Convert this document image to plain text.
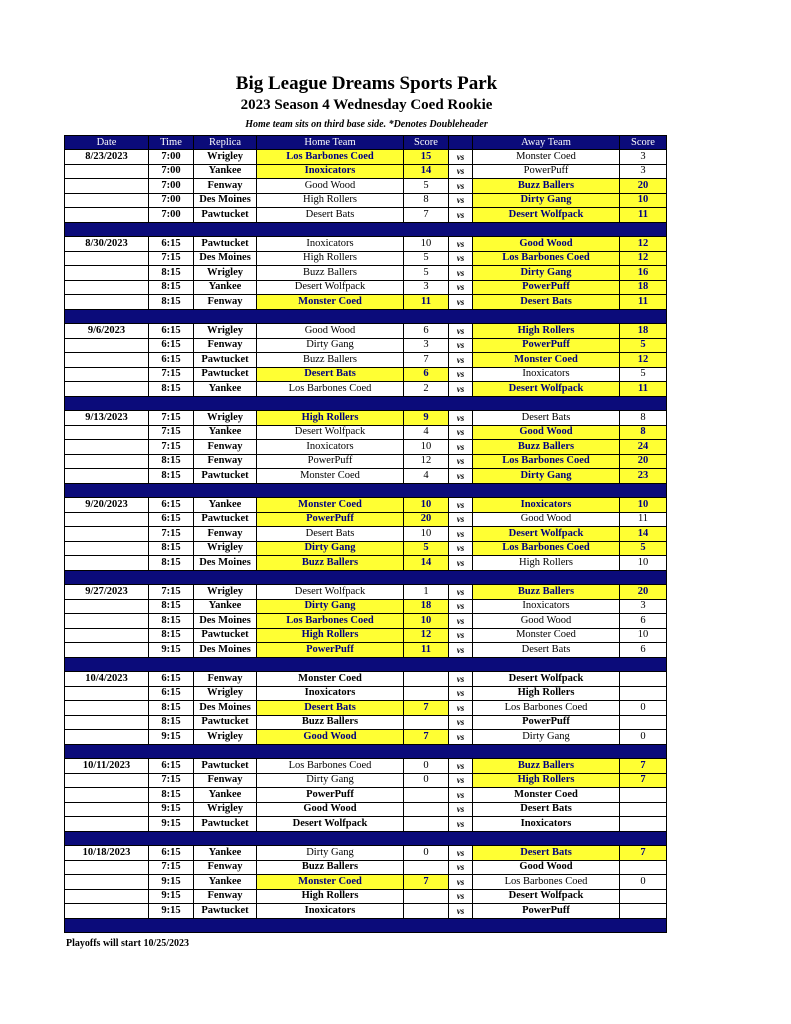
Big League Dreams Sports Park
2023 Season 4 Wednesday Coed Rookie
Home team sits on third base side. *Denotes Doubleheader
Date	Time	Replica	Home Team	Score		Away Team	Score
8/23/2023	7:00	Wrigley	Los Barbones Coed	15	vs	Monster Coed	3
	7:00	Yankee	Inoxicators	14	vs	PowerPuff	3
	7:00	Fenway	Good Wood	5	vs	Buzz Ballers	20
	7:00	Des Moines	High Rollers	8	vs	Dirty Gang	10
	7:00	Pawtucket	Desert Bats	7	vs	Desert Wolfpack	11

8/30/2023	6:15	Pawtucket	Inoxicators	10	vs	Good Wood	12
	7:15	Des Moines	High Rollers	5	vs	Los Barbones Coed	12
	8:15	Wrigley	Buzz Ballers	5	vs	Dirty Gang	16
	8:15	Yankee	Desert Wolfpack	3	vs	PowerPuff	18
	8:15	Fenway	Monster Coed	11	vs	Desert Bats	11

9/6/2023	6:15	Wrigley	Good Wood	6	vs	High Rollers	18
	6:15	Fenway	Dirty Gang	3	vs	PowerPuff	5
	6:15	Pawtucket	Buzz Ballers	7	vs	Monster Coed	12
	7:15	Pawtucket	Desert Bats	6	vs	Inoxicators	5
	8:15	Yankee	Los Barbones Coed	2	vs	Desert Wolfpack	11

9/13/2023	7:15	Wrigley	High Rollers	9	vs	Desert Bats	8
	7:15	Yankee	Desert Wolfpack	4	vs	Good Wood	8
	7:15	Fenway	Inoxicators	10	vs	Buzz Ballers	24
	8:15	Fenway	PowerPuff	12	vs	Los Barbones Coed	20
	8:15	Pawtucket	Monster Coed	4	vs	Dirty Gang	23

9/20/2023	6:15	Yankee	Monster Coed	10	vs	Inoxicators	10
	6:15	Pawtucket	PowerPuff	20	vs	Good Wood	11
	7:15	Fenway	Desert Bats	10	vs	Desert Wolfpack	14
	8:15	Wrigley	Dirty Gang	5	vs	Los Barbones Coed	5
	8:15	Des Moines	Buzz Ballers	14	vs	High Rollers	10

9/27/2023	7:15	Wrigley	Desert Wolfpack	1	vs	Buzz Ballers	20
	8:15	Yankee	Dirty Gang	18	vs	Inoxicators	3
	8:15	Des Moines	Los Barbones Coed	10	vs	Good Wood	6
	8:15	Pawtucket	High Rollers	12	vs	Monster Coed	10
	9:15	Des Moines	PowerPuff	11	vs	Desert Bats	6

10/4/2023	6:15	Fenway	Monster Coed		vs	Desert Wolfpack	
	6:15	Wrigley	Inoxicators		vs	High Rollers	
	8:15	Des Moines	Desert Bats	7	vs	Los Barbones Coed	0
	8:15	Pawtucket	Buzz Ballers		vs	PowerPuff	
	9:15	Wrigley	Good Wood	7	vs	Dirty Gang	0

10/11/2023	6:15	Pawtucket	Los Barbones Coed	0	vs	Buzz Ballers	7
	7:15	Fenway	Dirty Gang	0	vs	High Rollers	7
	8:15	Yankee	PowerPuff		vs	Monster Coed	
	9:15	Wrigley	Good Wood		vs	Desert Bats	
	9:15	Pawtucket	Desert Wolfpack		vs	Inoxicators	

10/18/2023	6:15	Yankee	Dirty Gang	0	vs	Desert Bats	7
	7:15	Fenway	Buzz Ballers		vs	Good Wood	
	9:15	Yankee	Monster Coed	7	vs	Los Barbones Coed	0
	9:15	Fenway	High Rollers		vs	Desert Wolfpack	
	9:15	Pawtucket	Inoxicators		vs	PowerPuff	

Playoffs will start 10/25/2023
